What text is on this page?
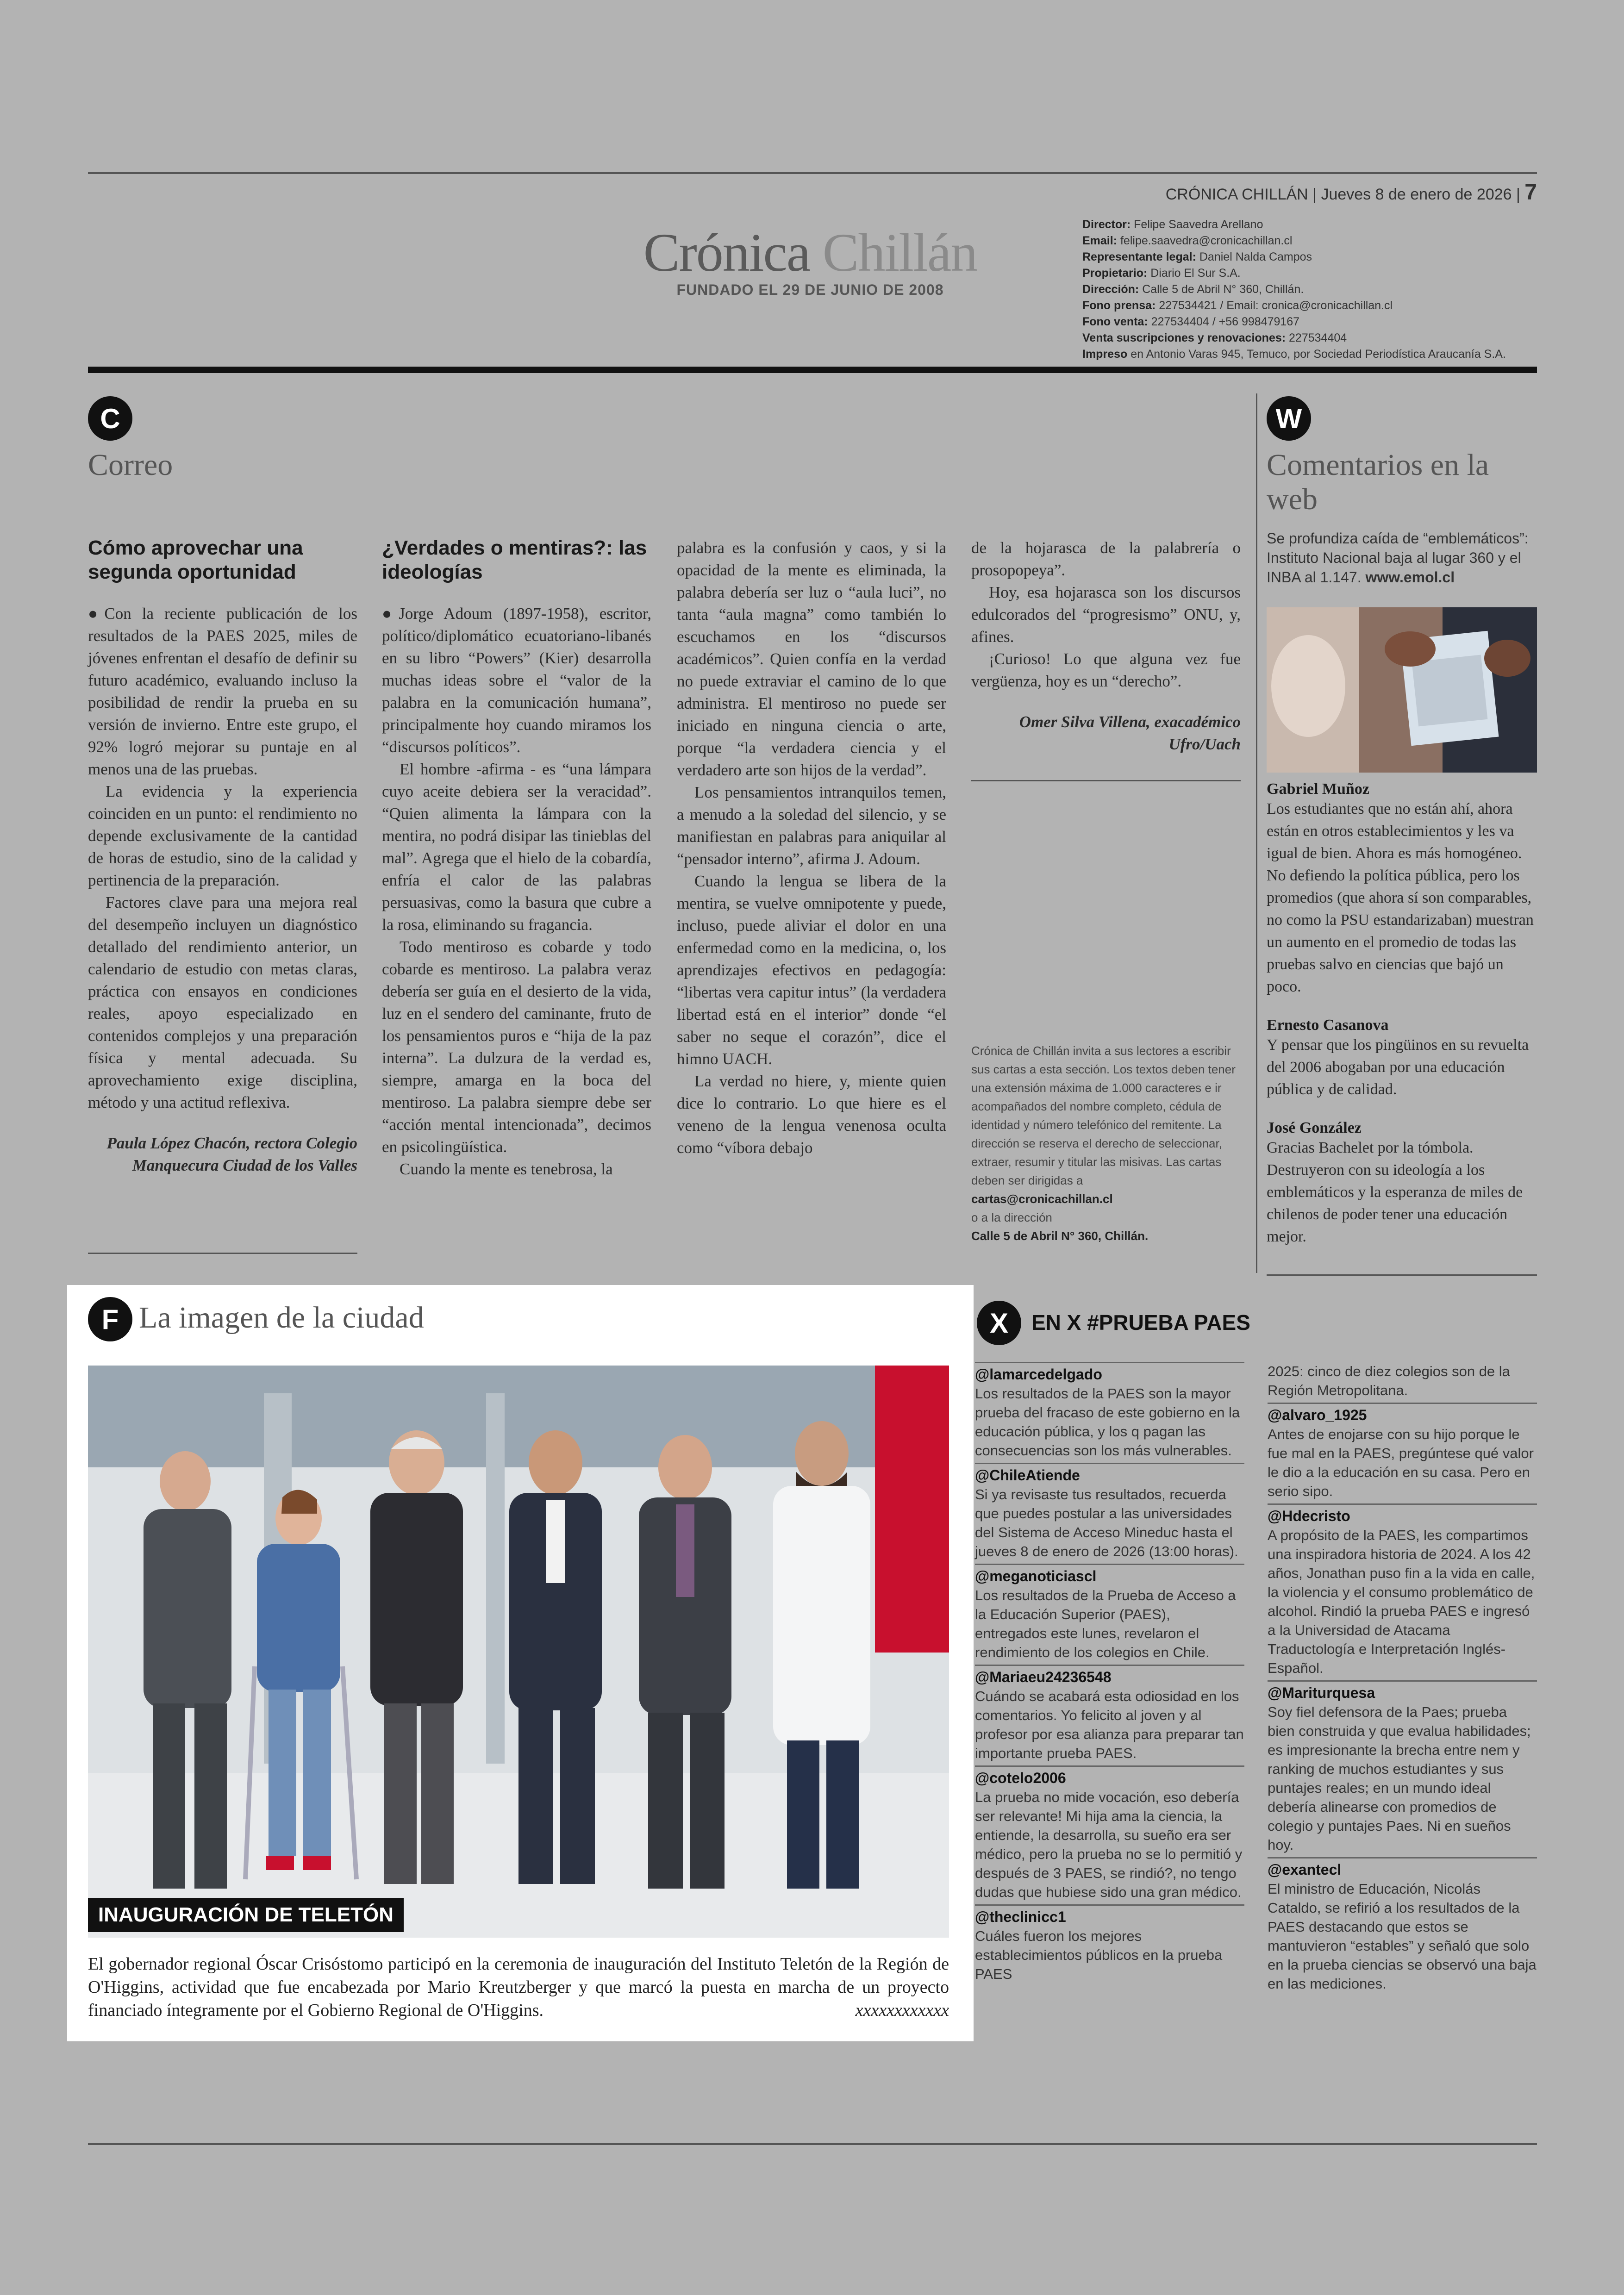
CRÓNICA CHILLÁN | Jueves 8 de enero de 2026 | 7
Crónica Chillán
FUNDADO EL 29 DE JUNIO DE 2008
Director: Felipe Saavedra Arellano
Email: felipe.saavedra@cronicachillan.cl
Representante legal: Daniel Nalda Campos
Propietario: Diario El Sur S.A.
Dirección: Calle 5 de Abril N° 360, Chillán.
Fono prensa: 227534421 / Email: cronica@cronicachillan.cl
Fono venta: 227534404 / +56 998479167
Venta suscripciones y renovaciones: 227534404
Impreso en Antonio Varas 945, Temuco, por Sociedad Periodística Araucanía S.A.
C
Correo
Cómo aprovechar una segunda oportunidad

●Con la reciente publicación de los resultados de la PAES 2025, miles de jóvenes enfrentan el desafío de definir su futuro académico, evaluando incluso la posibilidad de rendir la prueba en su versión de invierno. Entre este grupo, el 92% logró mejorar su puntaje en al menos una de las pruebas.

La evidencia y la experiencia coinciden en un punto: el rendimiento no depende exclusivamente de la cantidad de horas de estudio, sino de la calidad y pertinencia de la preparación.

Factores clave para una mejora real del desempeño incluyen un diagnóstico detallado del rendimiento anterior, un calendario de estudio con metas claras, práctica con ensayos en condiciones reales, apoyo especializado en contenidos complejos y una preparación física y mental adecuada. Su aprovechamiento exige disciplina, método y una actitud reflexiva.

Paula López Chacón, rectora Colegio Manquecura Ciudad de los Valles
¿Verdades o mentiras?: las ideologías

●Jorge Adoum (1897-1958), escritor, político/diplomático ecuatoriano-libanés en su libro “Powers” (Kier) desarrolla muchas ideas sobre el “valor de la palabra en la comunicación humana”, principalmente hoy cuando miramos los “discursos políticos”.

El hombre -afirma - es “una lámpara cuyo aceite debiera ser la veracidad”. “Quien alimenta la lámpara con la mentira, no podrá disipar las tinieblas del mal”. Agrega que el hielo de la cobardía, enfría el calor de las palabras persuasivas, como la basura que cubre a la rosa, eliminando su fragancia.

Todo mentiroso es cobarde y todo cobarde es mentiroso. La palabra veraz debería ser guía en el desierto de la vida, luz en el sendero del caminante, fruto de los pensamientos puros e “hija de la paz interna”. La dulzura de la verdad es, siempre, amarga en la boca del mentiroso. La palabra siempre debe ser “acción mental intencionada”, decimos en psicolingüística.

Cuando la mente es tenebrosa, la

palabra es la confusión y caos, y si la opacidad de la mente es eliminada, la palabra debería ser luz o “aula luci”, no tanta “aula magna” como también lo escuchamos en los “discursos académicos”. Quien confía en la verdad no puede extraviar el camino de lo que administra. El mentiroso no puede ser iniciado en ninguna ciencia o arte, porque “la verdadera ciencia y el verdadero arte son hijos de la verdad”.

Los pensamientos intranquilos temen, a menudo a la soledad del silencio, y se manifiestan en palabras para aniquilar al “pensador interno”, afirma J. Adoum.

Cuando la lengua se libera de la mentira, se vuelve omnipotente y puede, incluso, puede aliviar el dolor en una enfermedad como en la medicina, o, los aprendizajes efectivos en pedagogía: “libertas vera capitur intus” (la verdadera libertad está en el interior” donde “el saber no seque el corazón”, dice el himno UACH.

La verdad no hiere, y, miente quien dice lo contrario. Lo que hiere es el veneno de la lengua venenosa oculta como “víbora debajo

de la hojarasca de la palabrería o prosopopeya”.

Hoy, esa hojarasca son los discursos edulcorados del “progresismo” ONU, y, afines.

¡Curioso! Lo que alguna vez fue vergüenza, hoy es un “derecho”.

Omer Silva Villena, exacadémico Ufro/Uach
Crónica de Chillán invita a sus lectores a escribir sus cartas a esta sección. Los textos deben tener una extensión máxima de 1.000 caracteres e ir acompañados del nombre completo, cédula de identidad y número telefónico del remitente. La dirección se reserva el derecho de seleccionar, extraer, resumir y titular las misivas. Las cartas deben ser dirigidas a
cartas@cronicachillan.cl
o a la dirección
Calle 5 de Abril N° 360, Chillán.
W
Comentarios en la web
Se profundiza caída de “emblemáticos”: Instituto Nacional baja al lugar 360 y el INBA al 1.147. www.emol.cl
Gabriel Muñoz
Los estudiantes que no están ahí, ahora están en otros establecimientos y les va igual de bien. Ahora es más homogéneo. No defiendo la política pública, pero los promedios (que ahora sí son comparables, no como la PSU estandarizaban) muestran un aumento en el promedio de todas las pruebas salvo en ciencias que bajó un poco.
Ernesto Casanova
Y pensar que los pingüinos en su revuelta del 2006 abogaban por una educación pública y de calidad.
José González
Gracias Bachelet por la tómbola. Destruyeron con su ideología a los emblemáticos y la esperanza de miles de chilenos de poder tener una educación mejor.
F La imagen de la ciudad
INAUGURACIÓN DE TELETÓN
El gobernador regional Óscar Crisóstomo participó en la ceremonia de inauguración del Instituto Teletón de la Región de O'Higgins, actividad que fue encabezada por Mario Kreutzberger y que marcó la puesta en marcha de un proyecto financiado íntegramente por el Gobierno Regional de O'Higgins.	xxxxxxxxxxxx
X	EN X #PRUEBA PAES
@lamarcedelgado
Los resultados de la PAES son la mayor prueba del fracaso de este gobierno en la educación pública, y los q pagan las consecuencias son los más vulnerables.
@ChileAtiende
Si ya revisaste tus resultados, recuerda que puedes postular a las universidades del Sistema de Acceso Mineduc hasta el jueves 8 de enero de 2026 (13:00 horas).
@meganoticiascl
Los resultados de la Prueba de Acceso a la Educación Superior (PAES), entregados este lunes, revelaron el rendimiento de los colegios en Chile.
@Mariaeu24236548
Cuándo se acabará esta odiosidad en los comentarios. Yo felicito al joven y al profesor por esa alianza para preparar tan importante prueba PAES.
@cotelo2006
La prueba no mide vocación, eso debería ser relevante! Mi hija ama la ciencia, la entiende, la desarrolla, su sueño era ser médico, pero la prueba no se lo permitió y después de 3 PAES, se rindió?, no tengo dudas que hubiese sido una gran médico.
@theclinicc1
Cuáles fueron los mejores establecimientos públicos en la prueba PAES
2025: cinco de diez colegios son de la Región Metropolitana.
@alvaro_1925
Antes de enojarse con su hijo porque le fue mal en la PAES, pregúntese qué valor le dio a la educación en su casa. Pero en serio sipo.
@Hdecristo
A propósito de la PAES, les compartimos una inspiradora historia de 2024. A los 42 años, Jonathan puso fin a la vida en calle, la violencia y el consumo problemático de alcohol. Rindió la prueba PAES e ingresó a la Universidad de Atacama Traductología e Interpretación Inglés-Español.
@Mariturquesa
Soy fiel defensora de la Paes; prueba bien construida y que evalua habilidades; es impresionante la brecha entre nem y ranking de muchos estudiantes y sus puntajes reales; en un mundo ideal debería alinearse con promedios de colegio y puntajes Paes. Ni en sueños hoy.
@exantecl
El ministro de Educación, Nicolás Cataldo, se refirió a los resultados de la PAES destacando que estos se mantuvieron “estables” y señaló que solo en la prueba ciencias se observó una baja en las mediciones.
